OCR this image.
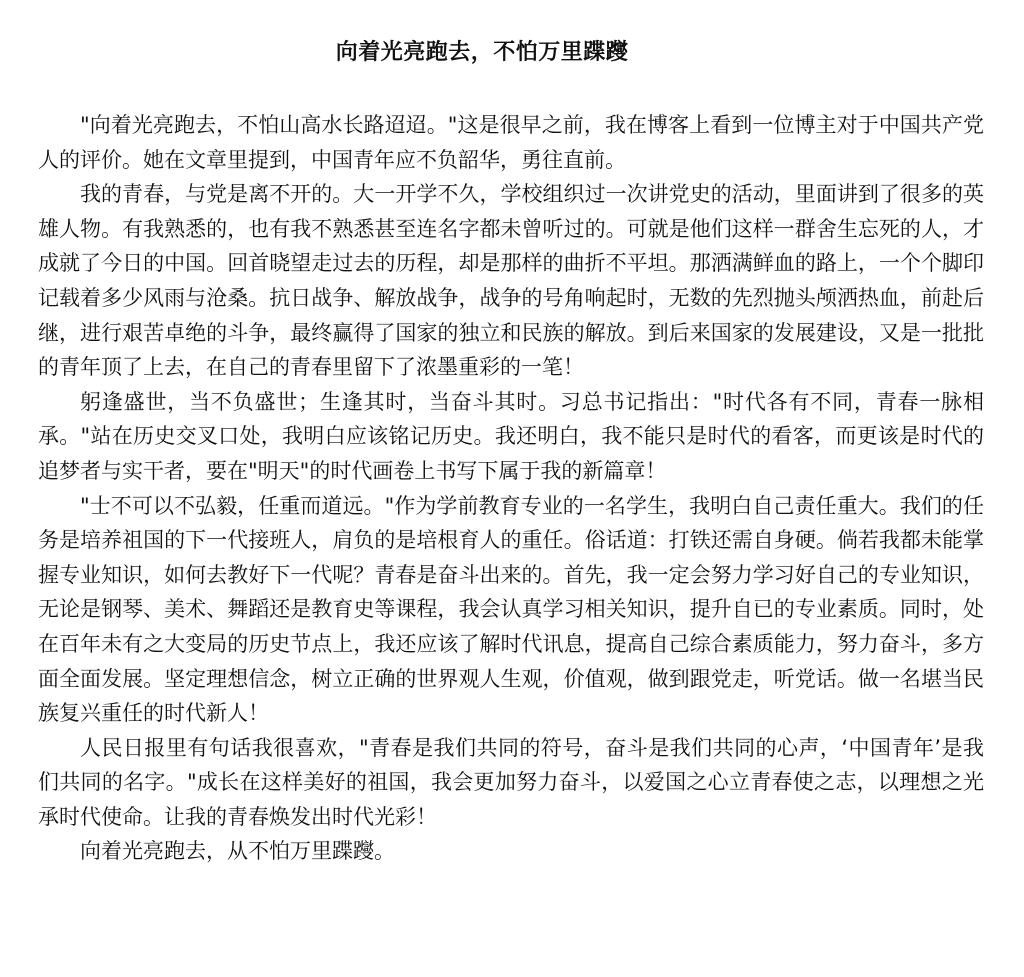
向着光亮跑去，不怕万里蹀躞

"向着光亮跑去，不怕山高水长路迢迢。"这是很早之前，我在博客上看到一位博主对于中国共产党人的评价。她在文章里提到，中国青年应不负韶华，勇往直前。

我的青春，与党是离不开的。大一开学不久，学校组织过一次讲党史的活动，里面讲到了很多的英雄人物。有我熟悉的，也有我不熟悉甚至连名字都未曾听过的。可就是他们这样一群舍生忘死的人，才成就了今日的中国。回首晓望走过去的历程，却是那样的曲折不平坦。那洒满鲜血的路上，一个个脚印记载着多少风雨与沧桑。抗日战争、解放战争，战争的号角响起时，无数的先烈抛头颅洒热血，前赴后继，进行艰苦卓绝的斗争，最终赢得了国家的独立和民族的解放。到后来国家的发展建设，又是一批批的青年顶了上去，在自己的青春里留下了浓墨重彩的一笔！

躬逢盛世，当不负盛世；生逢其时，当奋斗其时。习总书记指出："时代各有不同，青春一脉相承。"站在历史交叉口处，我明白应该铭记历史。我还明白，我不能只是时代的看客，而更该是时代的追梦者与实干者，要在"明天"的时代画卷上书写下属于我的新篇章！

"士不可以不弘毅，任重而道远。"作为学前教育专业的一名学生，我明白自己责任重大。我们的任务是培养祖国的下一代接班人，肩负的是培根育人的重任。俗话道：打铁还需自身硬。倘若我都未能掌握专业知识，如何去教好下一代呢？青春是奋斗出来的。首先，我一定会努力学习好自己的专业知识，无论是钢琴、美术、舞蹈还是教育史等课程，我会认真学习相关知识，提升自已的专业素质。同时，处在百年未有之大变局的历史节点上，我还应该了解时代讯息，提高自己综合素质能力，努力奋斗，多方面全面发展。坚定理想信念，树立正确的世界观人生观，价值观，做到跟党走，听党话。做一名堪当民族复兴重任的时代新人！

人民日报里有句话我很喜欢，"青春是我们共同的符号，奋斗是我们共同的心声，‘中国青年’是我们共同的名字。"成长在这样美好的祖国，我会更加努力奋斗，以爱国之心立青春使之志，以理想之光承时代使命。让我的青春焕发出时代光彩！

向着光亮跑去，从不怕万里蹀躞。
